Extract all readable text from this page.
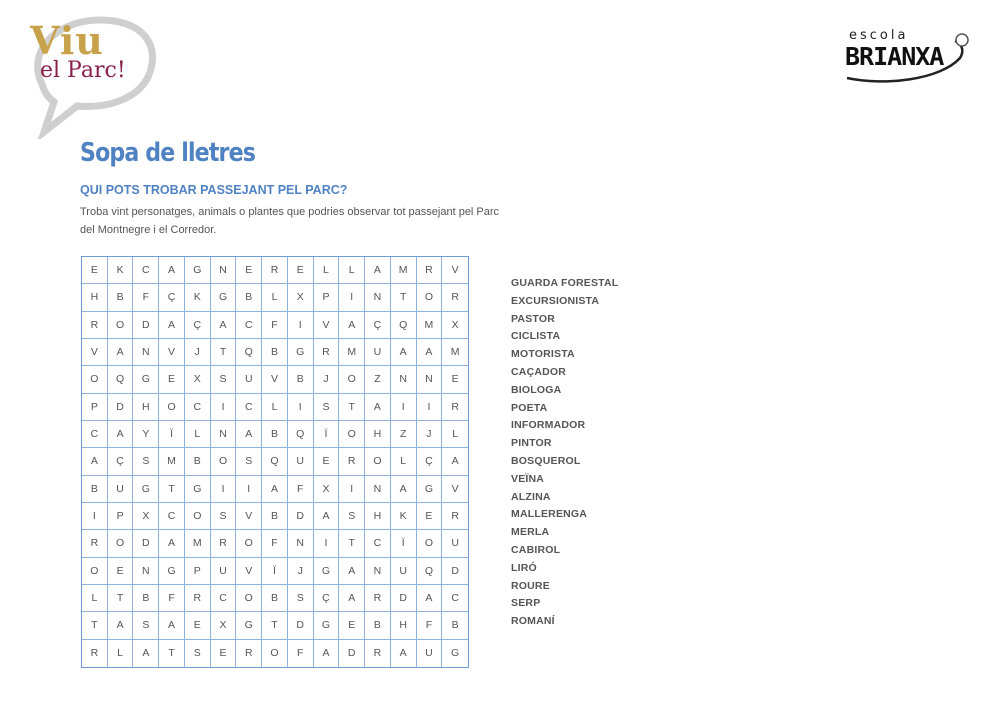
Viu
el Parc!
escola
BRIANXA
Sopa de lletres
QUI POTS TROBAR PASSEJANT PEL PARC?
Troba vint personatges, animals o plantes que podries observar tot passejant pel Parc del Montnegre i el Corredor.
E	K	C	A	G	N	E	R	E	L	L	A	M	R	V
H	B	F	Ç	K	G	B	L	X	P	I	N	T	O	R
R	O	D	A	Ç	A	C	F	I	V	A	Ç	Q	M	X
V	A	N	V	J	T	Q	B	G	R	M	U	A	A	M
O	Q	G	E	X	S	U	V	B	J	O	Z	N	N	E
P	D	H	O	C	I	C	L	I	S	T	A	I	I	R
C	A	Y	Ï	L	N	A	B	Q	Ï	O	H	Z	J	L
A	Ç	S	M	B	O	S	Q	U	E	R	O	L	Ç	A
B	U	G	T	G	I	I	A	F	X	I	N	A	G	V
I	P	X	C	O	S	V	B	D	A	S	H	K	E	R
R	O	D	A	M	R	O	F	N	I	T	C	Ï	O	U
O	E	N	G	P	U	V	Ï	J	G	A	N	U	Q	D
L	T	B	F	R	C	O	B	S	Ç	A	R	D	A	C
T	A	S	A	E	X	G	T	D	G	E	B	H	F	B
R	L	A	T	S	E	R	O	F	A	D	R	A	U	G
GUARDA FORESTAL
EXCURSIONISTA
PASTOR
CICLISTA
MOTORISTA
CAÇADOR
BIOLOGA
POETA
INFORMADOR
PINTOR
BOSQUEROL
VEÏNA
ALZINA
MALLERENGA
MERLA
CABIROL
LIRÓ
ROURE
SERP
ROMANÍ
